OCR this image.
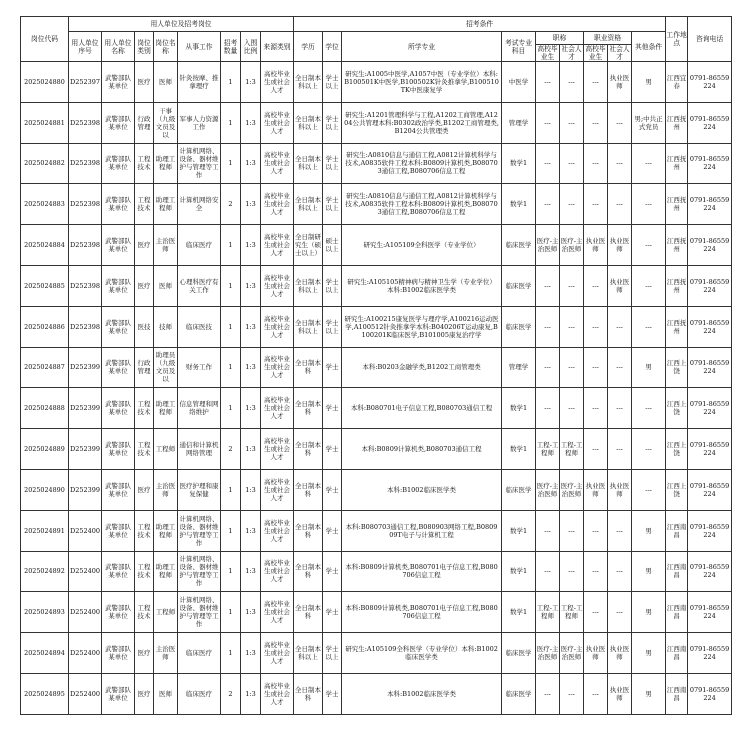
岗位代码	用人单位及招考岗位								招考条件									工作地点	咨询电话
	用人单位序号	用人单位名称	岗位类别	岗位名称	从事工作	招考数量	入围比例	来源类别	学历	学位	所学专业	考试专业科目	职称		职业资格		其他条件		
													高校毕业生	社会人才	高校毕业生	社会人才			
2025024880	D252397	武警部队某单位	医疗	医师	针灸按摩、推拿理疗	1	1:3	高校毕业生或社会人才	全日制本科以上	学士以上	研究生:A1005中医学,A1057中医（专业学位）本科:B100501K中医学,B100502K针灸推拿学,B100510TK中医康复学	中医学	---	---	---	执业医师	男	江西宜春	0791-86559224
2025024881	D252398	武警部队某单位	行政管理	干事（九级文员及以	军事人力资源工作	1	1:3	高校毕业生或社会人才	全日制本科以上	学士以上	研究生:A1201管理科学与工程,A1202工商管理,A1204公共管理本科:B0302政治学类,B1202工商管理类,B1204公共管理类	管理学	---	---	---	---	男;中共正式党员	江西抚州	0791-86559224
2025024882	D252398	武警部队某单位	工程技术	助理工程师	计算机网络、设备、器材维护与管理等工作	1	1:3	高校毕业生或社会人才	全日制本科以上	学士以上	研究生:A0810信息与通信工程,A0812计算机科学与技术,A0835软件工程本科:B0809计算机类,B080703通信工程,B080706信息工程	数学1	---	---	---	---	---	江西抚州	0791-86559224
2025024883	D252398	武警部队某单位	工程技术	助理工程师	计算机网络安全	2	1:3	高校毕业生或社会人才	全日制本科以上	学士以上	研究生:A0810信息与通信工程,A0812计算机科学与技术,A0835软件工程本科:B0809计算机类,B080703通信工程,B080706信息工程	数学1	---	---	---	---	---	江西抚州	0791-86559224
2025024884	D252398	武警部队某单位	医疗	主治医师	临床医疗	1	1:3	高校毕业生或社会人才	全日制研究生（硕士以上）	硕士以上	研究生:A105109全科医学（专业学位）	临床医学	医疗-主治医师	医疗-主治医师	执业医师	执业医师	---	江西抚州	0791-86559224
2025024885	D252398	武警部队某单位	医疗	医师	心理科医疗有关工作	1	1:3	高校毕业生或社会人才	全日制本科以上	学士以上	研究生:A105105精神病与精神卫生学（专业学位）本科:B1002临床医学类	临床医学	---	---	---	执业医师	---	江西抚州	0791-86559224
2025024886	D252398	武警部队某单位	医技	技师	临床医技	1	1:3	高校毕业生或社会人才	全日制本科以上	学士以上	研究生:A100215康复医学与理疗学,A100216运动医学,A100512针灸推拿学本科:B040206T运动康复,B100201K临床医学,B101005康复治疗学	临床医学	---	---	---	---	---	江西抚州	0791-86559224
2025024887	D252399	武警部队某单位	行政管理	助理员（九级文员及以	财务工作	1	1:3	高校毕业生或社会人才	全日制本科	学士	本科:B0203金融学类,B1202工商管理类	管理学	---	---	---	---	男	江西上饶	0791-86559224
2025024888	D252399	武警部队某单位	工程技术	助理工程师	信息管理和网络维护	1	1:3	高校毕业生或社会人才	全日制本科	学士	本科:B080701电子信息工程,B080703通信工程	数学1	---	---	---	---	---	江西上饶	0791-86559224
2025024889	D252399	武警部队某单位	工程技术	工程师	通信和计算机网络管理	2	1:3	高校毕业生或社会人才	全日制本科	学士	本科:B0809计算机类,B080703通信工程	数学1	工程-工程师	工程-工程师	---	---	---	江西上饶	0791-86559224
2025024890	D252399	武警部队某单位	医疗	主治医师	医疗护理和康复保健	1	1:3	高校毕业生或社会人才	全日制本科	学士	本科:B1002临床医学类	临床医学	医疗-主治医师	医疗-主治医师	执业医师	执业医师	---	江西上饶	0791-86559224
2025024891	D252400	武警部队某单位	工程技术	助理工程师	计算机网络、设备、器材维护与管理等工作	1	1:3	高校毕业生或社会人才	全日制本科	学士	本科:B080703通信工程,B080903网络工程,B080909T电子与计算机工程	数学1	---	---	---	---	男	江西南昌	0791-86559224
2025024892	D252400	武警部队某单位	工程技术	助理工程师	计算机网络、设备、器材维护与管理等工作	1	1:3	高校毕业生或社会人才	全日制本科	学士	本科:B0809计算机类,B080701电子信息工程,B080706信息工程	数学1	---	---	---	---	男	江西南昌	0791-86559224
2025024893	D252400	武警部队某单位	工程技术	工程师	计算机网络、设备、器材维护与管理等工作	1	1:3	高校毕业生或社会人才	全日制本科	学士	本科:B0809计算机类,B080701电子信息工程,B080706信息工程	数学1	工程-工程师	工程-工程师	---	---	男	江西南昌	0791-86559224
2025024894	D252400	武警部队某单位	医疗	主治医师	临床医疗	1	1:3	高校毕业生或社会人才	全日制本科以上	学士以上	研究生:A105109全科医学（专业学位）本科:B1002临床医学类	临床医学	医疗-主治医师	医疗-主治医师	执业医师	执业医师	男	江西南昌	0791-86559224
2025024895	D252400	武警部队某单位	医疗	医师	临床医疗	2	1:3	高校毕业生或社会人才	全日制本科	学士	本科:B1002临床医学类	临床医学	---	---	---	执业医师	男	江西南昌	0791-86559224
